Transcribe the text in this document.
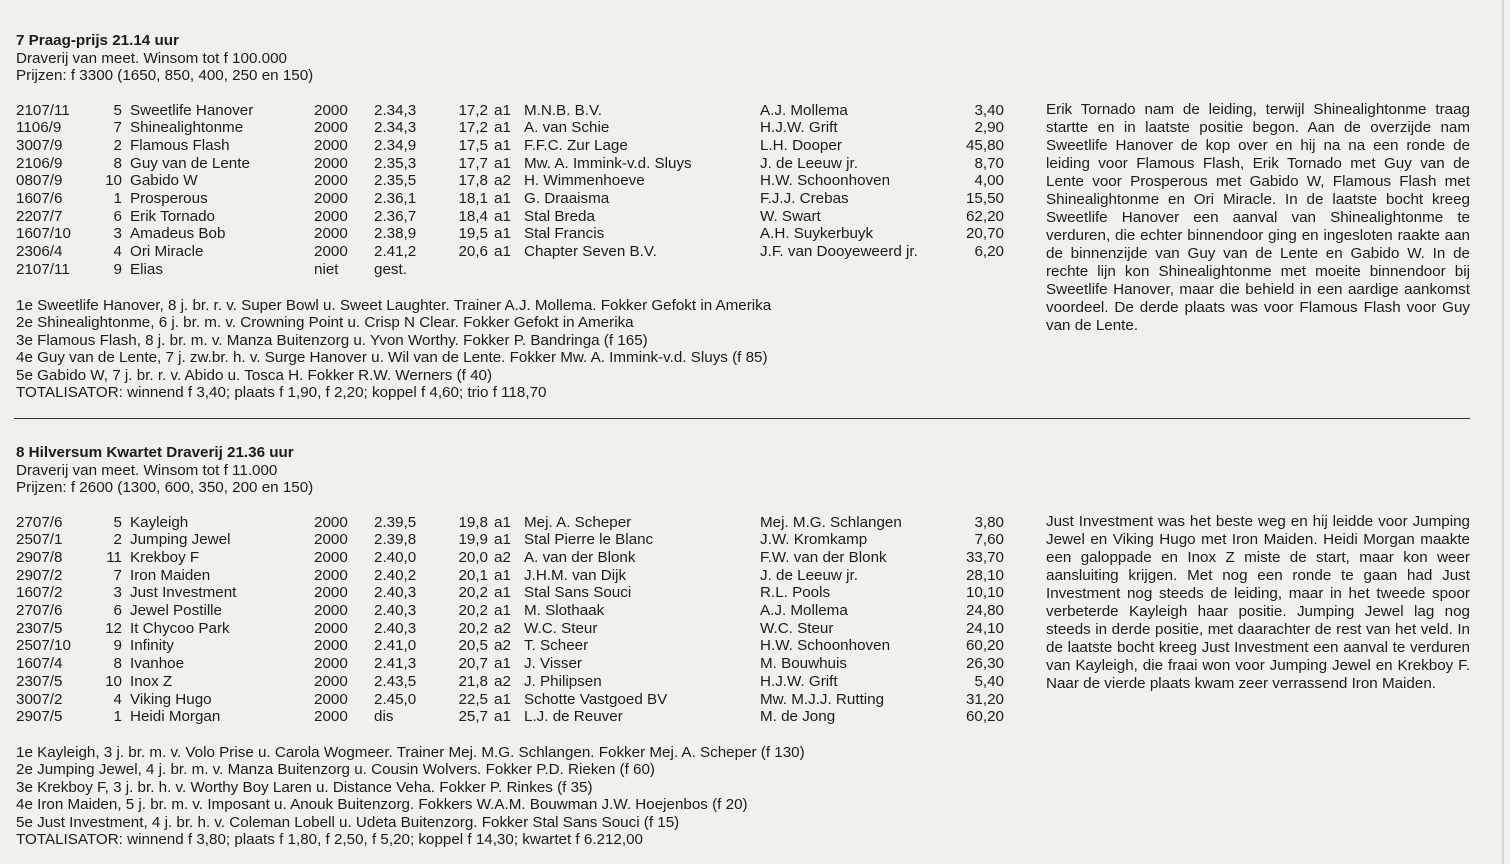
7 Praag-prijs 21.14 uur
Draverij van meet. Winsom tot f 100.000
Prijzen: f 3300 (1650, 850, 400, 250 en 150)
2107/11	5	Sweetlife Hanover	2000	2.34,3	17,2	a1	M.N.B. B.V.	A.J. Mollema	3,40
1106/9	7	Shinealightonme	2000	2.34,3	17,2	a1	A. van Schie	H.J.W. Grift	2,90
3007/9	2	Flamous Flash	2000	2.34,9	17,5	a1	F.F.C. Zur Lage	L.H. Dooper	45,80
2106/9	8	Guy van de Lente	2000	2.35,3	17,7	a1	Mw. A. Immink-v.d. Sluys	J. de Leeuw jr.	8,70
0807/9	10	Gabido W	2000	2.35,5	17,8	a2	H. Wimmenhoeve	H.W. Schoonhoven	4,00
1607/6	1	Prosperous	2000	2.36,1	18,1	a1	G. Draaisma	F.J.J. Crebas	15,50
2207/7	6	Erik Tornado	2000	2.36,7	18,4	a1	Stal Breda	W. Swart	62,20
1607/10	3	Amadeus Bob	2000	2.38,9	19,5	a1	Stal Francis	A.H. Suykerbuyk	20,70
2306/4	4	Ori Miracle	2000	2.41,2	20,6	a1	Chapter Seven B.V.	J.F. van Dooyeweerd jr.	6,20
2107/11	9	Elias	niet	gest.					
1e Sweetlife Hanover, 8 j. br. r. v. Super Bowl u. Sweet Laughter. Trainer A.J. Mollema. Fokker Gefokt in Amerika
2e Shinealightonme, 6 j. br. m. v. Crowning Point u. Crisp N Clear. Fokker Gefokt in Amerika
3e Flamous Flash, 8 j. br. m. v. Manza Buitenzorg u. Yvon Worthy. Fokker P. Bandringa (f 165)
4e Guy van de Lente, 7 j. zw.br. h. v. Surge Hanover u. Wil van de Lente. Fokker Mw. A. Immink-v.d. Sluys (f 85)
5e Gabido W, 7 j. br. r. v. Abido u. Tosca H. Fokker R.W. Werners (f 40)
TOTALISATOR: winnend f 3,40; plaats f 1,90, f 2,20; koppel f 4,60; trio f 118,70
Erik Tornado nam de leiding, terwijl Shinealightonme traag startte en in laatste positie begon. Aan de overzijde nam Sweetlife Hanover de kop over en hij na na een ronde de leiding voor Flamous Flash, Erik Tornado met Guy van de Lente voor Prosperous met Gabido W, Flamous Flash met Shinealightonme en Ori Miracle. In de laatste bocht kreeg Sweetlife Hanover een aanval van Shinealightonme te verduren, die echter binnendoor ging en ingesloten raakte aan de binnenzijde van Guy van de Lente en Gabido W. In de rechte lijn kon Shinealightonme met moeite binnendoor bij Sweetlife Hanover, maar die behield in een aardige aankomst voordeel. De derde plaats was voor Flamous Flash voor Guy van de Lente.
8 Hilversum Kwartet Draverij 21.36 uur
Draverij van meet. Winsom tot f 11.000
Prijzen: f 2600 (1300, 600, 350, 200 en 150)
2707/6	5	Kayleigh	2000	2.39,5	19,8	a1	Mej. A. Scheper	Mej. M.G. Schlangen	3,80
2507/1	2	Jumping Jewel	2000	2.39,8	19,9	a1	Stal Pierre le Blanc	J.W. Kromkamp	7,60
2907/8	11	Krekboy F	2000	2.40,0	20,0	a2	A. van der Blonk	F.W. van der Blonk	33,70
2907/2	7	Iron Maiden	2000	2.40,2	20,1	a1	J.H.M. van Dijk	J. de Leeuw jr.	28,10
1607/2	3	Just Investment	2000	2.40,3	20,2	a1	Stal Sans Souci	R.L. Pools	10,10
2707/6	6	Jewel Postille	2000	2.40,3	20,2	a1	M. Slothaak	A.J. Mollema	24,80
2307/5	12	It Chycoo Park	2000	2.40,3	20,2	a2	W.C. Steur	W.C. Steur	24,10
2507/10	9	Infinity	2000	2.41,0	20,5	a2	T. Scheer	H.W. Schoonhoven	60,20
1607/4	8	Ivanhoe	2000	2.41,3	20,7	a1	J. Visser	M. Bouwhuis	26,30
2307/5	10	Inox Z	2000	2.43,5	21,8	a2	J. Philipsen	H.J.W. Grift	5,40
3007/2	4	Viking Hugo	2000	2.45,0	22,5	a1	Schotte Vastgoed BV	Mw. M.J.J. Rutting	31,20
2907/5	1	Heidi Morgan	2000	dis	25,7	a1	L.J. de Reuver	M. de Jong	60,20
1e Kayleigh, 3 j. br. m. v. Volo Prise u. Carola Wogmeer. Trainer Mej. M.G. Schlangen. Fokker Mej. A. Scheper (f 130)
2e Jumping Jewel, 4 j. br. m. v. Manza Buitenzorg u. Cousin Wolvers. Fokker P.D. Rieken (f 60)
3e Krekboy F, 3 j. br. h. v. Worthy Boy Laren u. Distance Veha. Fokker P. Rinkes (f 35)
4e Iron Maiden, 5 j. br. m. v. Imposant u. Anouk Buitenzorg. Fokkers W.A.M. Bouwman J.W. Hoejenbos (f 20)
5e Just Investment, 4 j. br. h. v. Coleman Lobell u. Udeta Buitenzorg. Fokker Stal Sans Souci (f 15)
TOTALISATOR: winnend f 3,80; plaats f 1,80, f 2,50, f 5,20; koppel f 14,30; kwartet f 6.212,00
Just Investment was het beste weg en hij leidde voor Jumping Jewel en Viking Hugo met Iron Maiden. Heidi Morgan maakte een galoppade en Inox Z miste de start, maar kon weer aansluiting krijgen. Met nog een ronde te gaan had Just Investment nog steeds de leiding, maar in het tweede spoor verbeterde Kayleigh haar positie. Jumping Jewel lag nog steeds in derde positie, met daarachter de rest van het veld. In de laatste bocht kreeg Just Investment een aanval te verduren van Kayleigh, die fraai won voor Jumping Jewel en Krekboy F. Naar de vierde plaats kwam zeer verrassend Iron Maiden.
